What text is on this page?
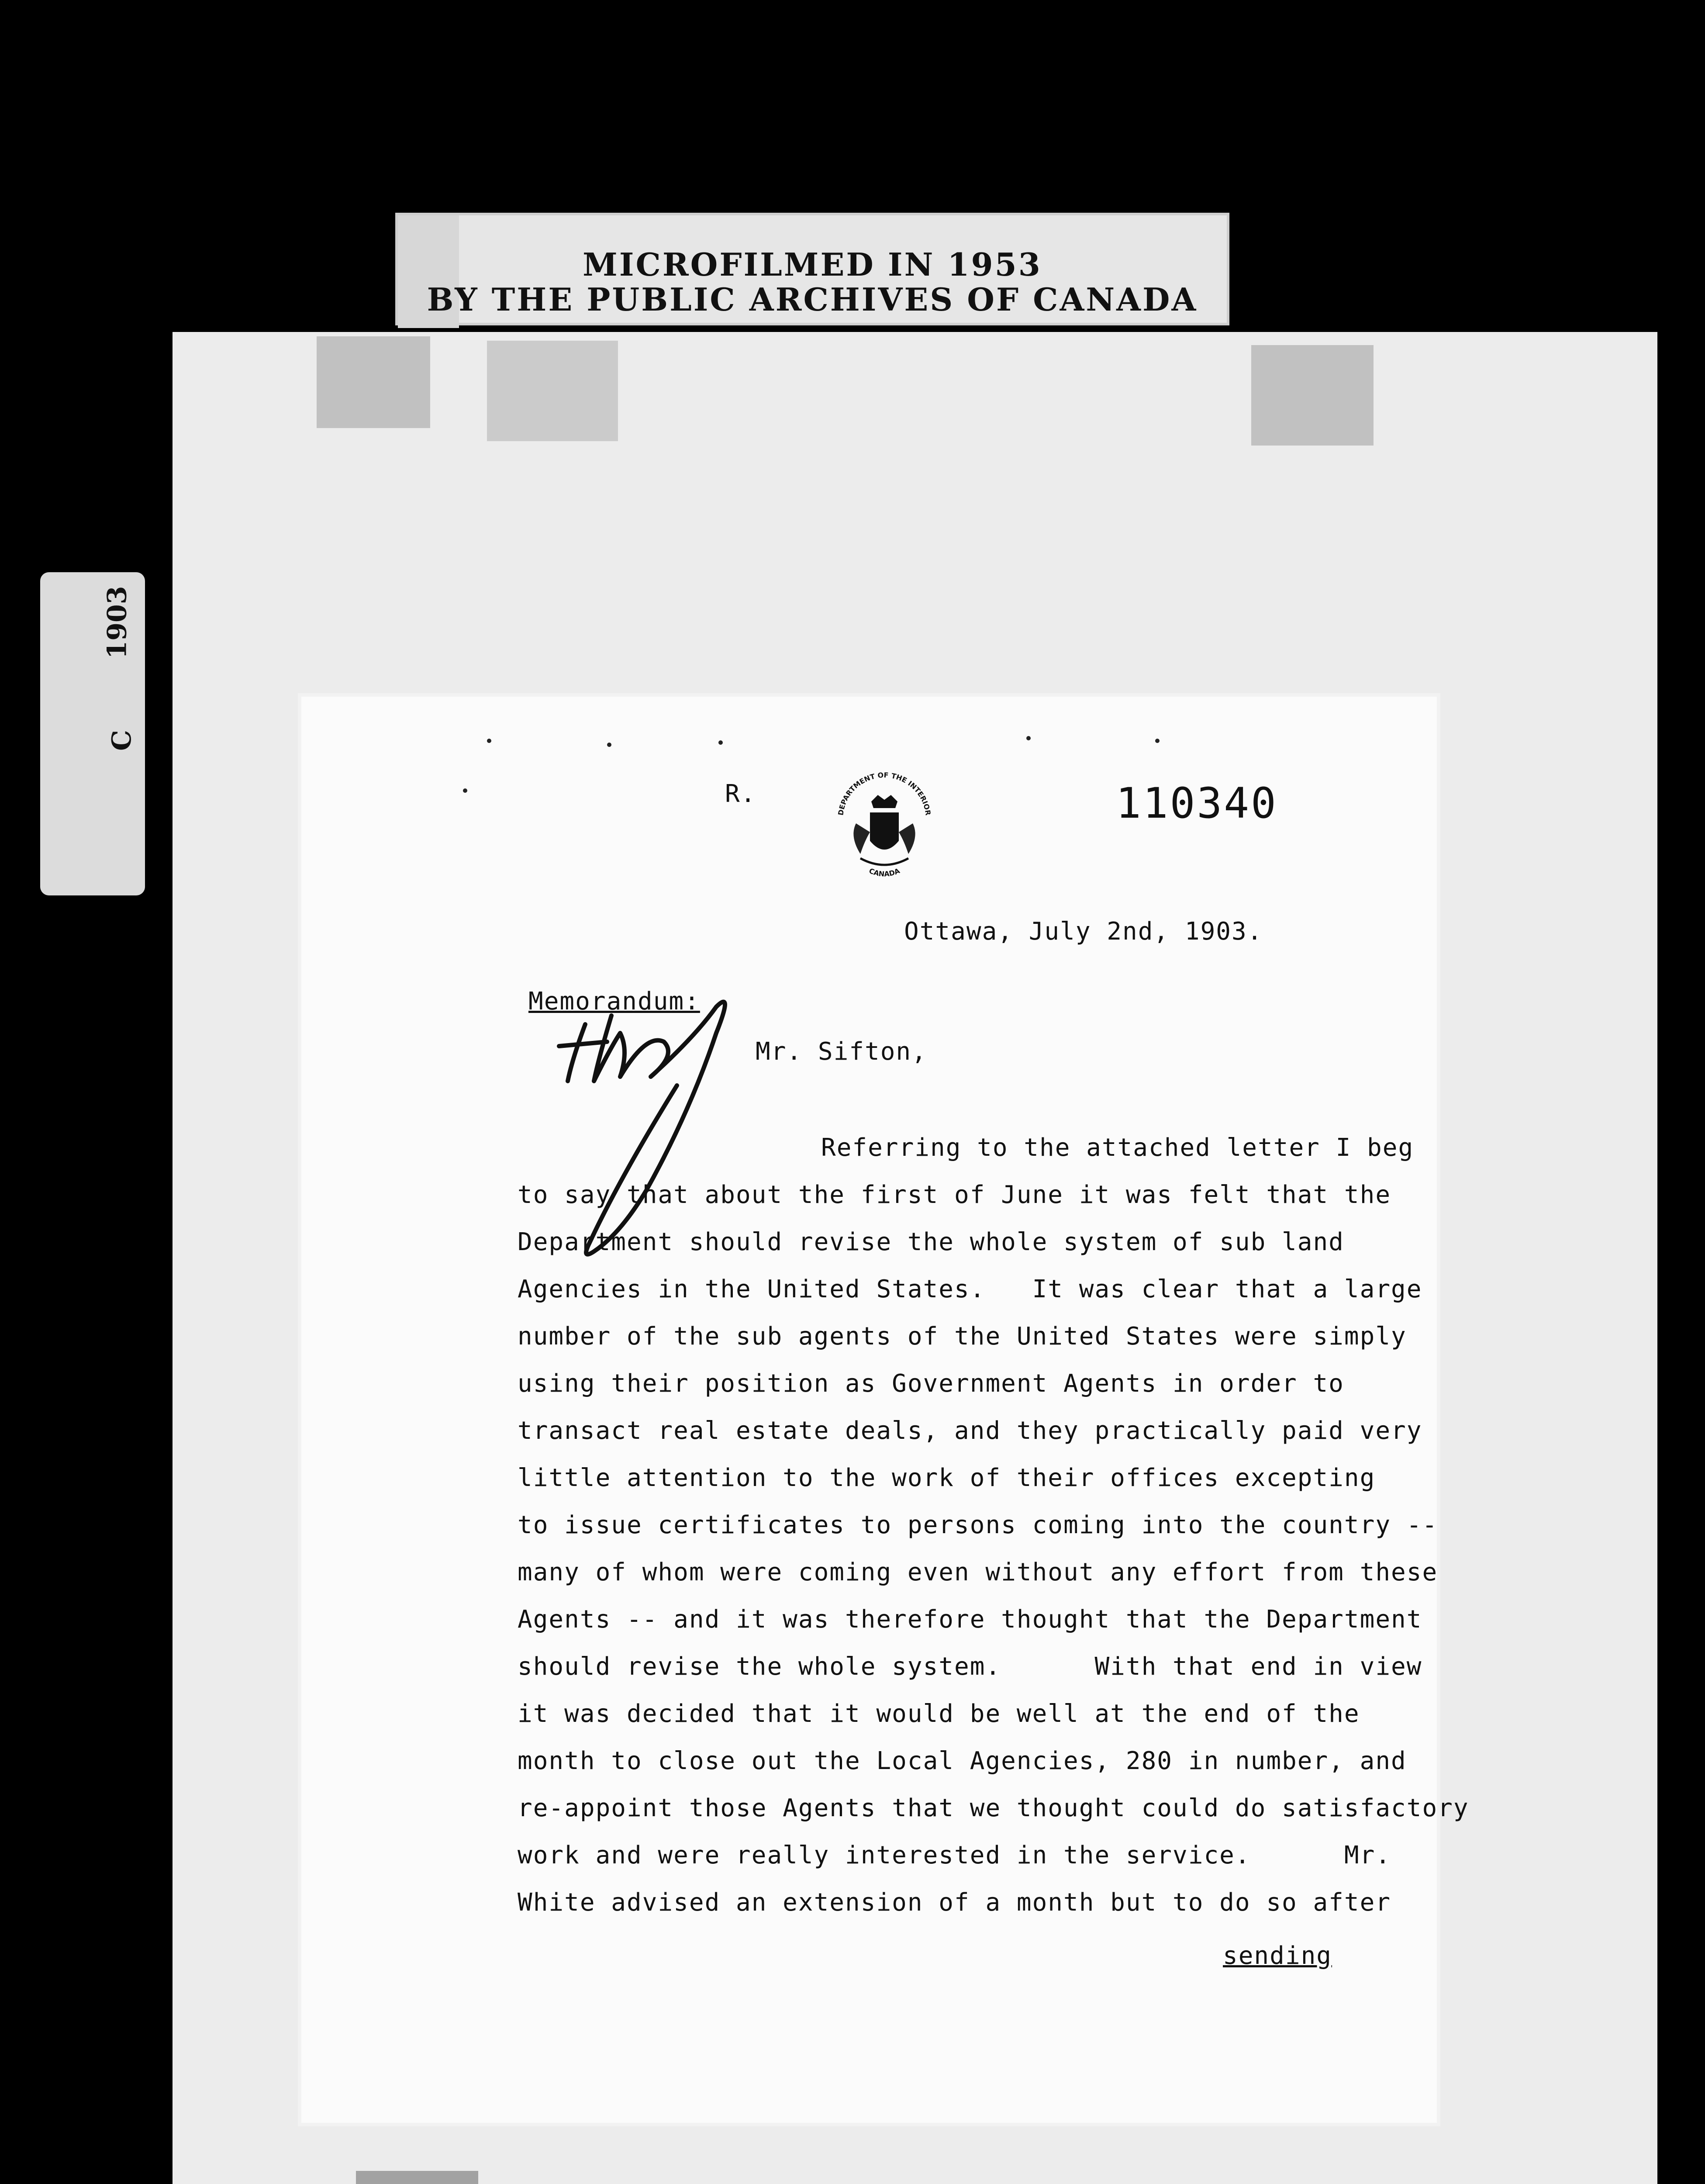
MICROFILMED IN 1953
BY THE PUBLIC ARCHIVES OF CANADA
1903
C
R.
DEPARTMENT OF THE INTERIOR
CANADA
110340
Ottawa, July 2nd, 1903.
Memorandum:
Mr. Sifton,
Referring to the attached letter I beg
to say that about the first of June it was felt that the
Department should revise the whole system of sub land
Agencies in the United States.   It was clear that a large
number of the sub agents of the United States were simply
using their position as Government Agents in order to
transact real estate deals, and they practically paid very
little attention to the work of their offices excepting
to issue certificates to persons coming into the country --
many of whom were coming even without any effort from these
Agents -- and it was therefore thought that the Department
should revise the whole system.      With that end in view
it was decided that it would be well at the end of the
month to close out the Local Agencies, 280 in number, and
re-appoint those Agents that we thought could do satisfactory
work and were really interested in the service.      Mr.
White advised an extension of a month but to do so after
sending
